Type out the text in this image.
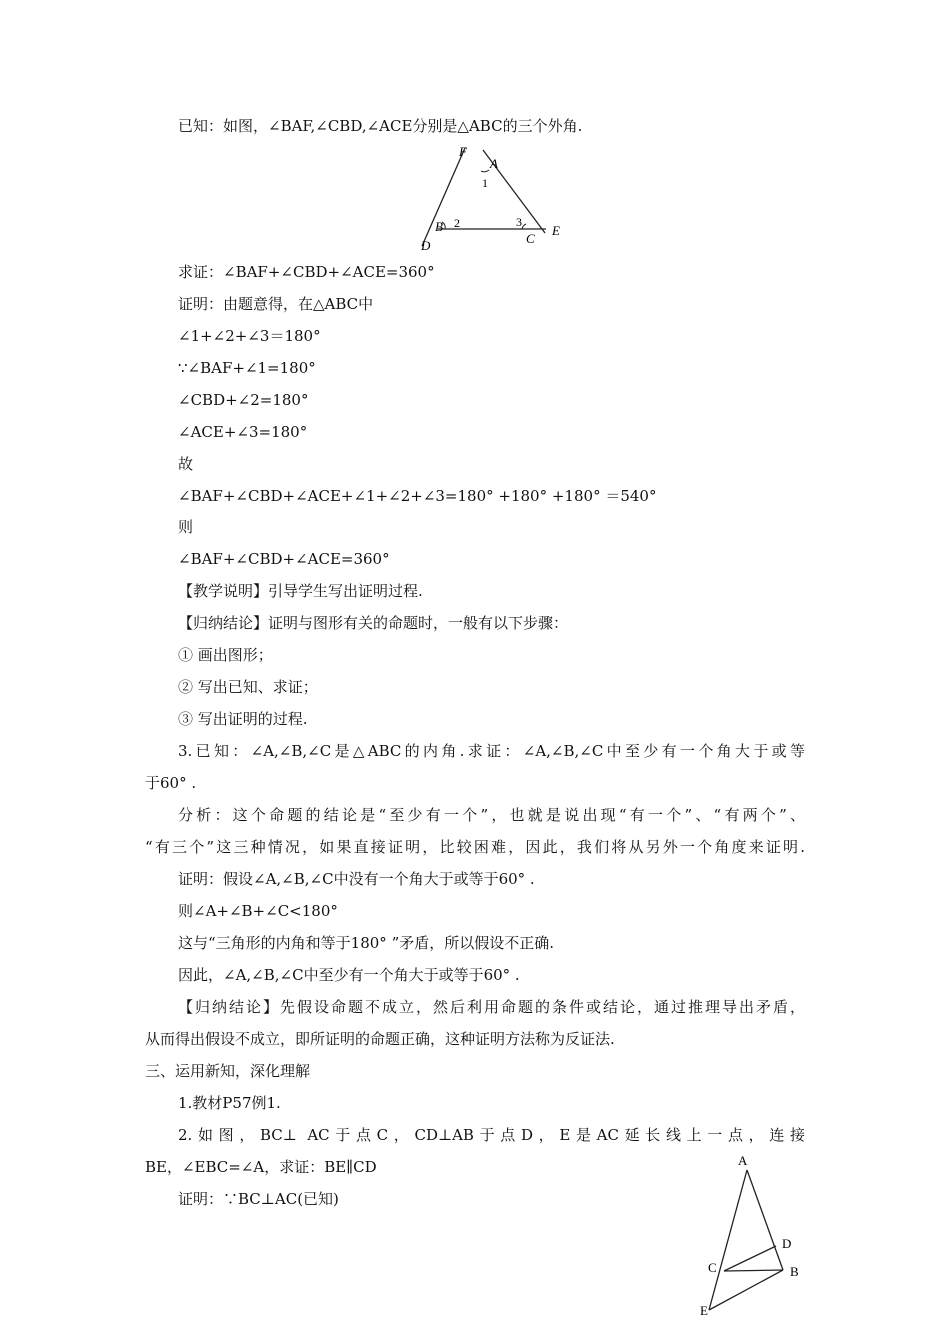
已知：如图，∠BAF,∠CBD,∠ACE分别是△ABC的三个外角.
F
A
1
B 2	3
C
E
D
求证：∠BAF+∠CBD+∠ACE=360°
证明：由题意得，在△ABC中
∠1+∠2+∠3＝180°
∵∠BAF+∠1=180°
∠CBD+∠2=180°
∠ACE+∠3=180°
故
∠BAF+∠CBD+∠ACE+∠1+∠2+∠3=180° +180° +180° ＝540°
则
∠BAF+∠CBD+∠ACE=360°
【教学说明】引导学生写出证明过程.
【归纳结论】证明与图形有关的命题时，一般有以下步骤：
① 画出图形；
② 写出已知、求证；
③ 写出证明的过程.
3.已知：∠A,∠B,∠C是△ABC的内角.求证：∠A,∠B,∠C中至少有一个角大于或等
于60° .
分析：这个命题的结论是“至少有一个”，也就是说出现“有一个”、“有两个”、
“有三个”这三种情况，如果直接证明，比较困难，因此，我们将从另外一个角度来证明.
证明：假设∠A,∠B,∠C中没有一个角大于或等于60° .
则∠A+∠B+∠C<180°
这与“三角形的内角和等于180° ”矛盾，所以假设不正确.
因此，∠A,∠B,∠C中至少有一个角大于或等于60° .
【归纳结论】先假设命题不成立，然后利用命题的条件或结论，通过推理导出矛盾，
从而得出假设不成立，即所证明的命题正确，这种证明方法称为反证法.
三、运用新知，深化理解
1.教材P57例1.
2.如图，BC⊥ AC于点C，CD⊥AB于点D，E是AC延长线上一点，连接
BE，∠EBC=∠A，求证：BE∥CD
证明：∵BC⊥AC(已知)
A
D
C	B
E
